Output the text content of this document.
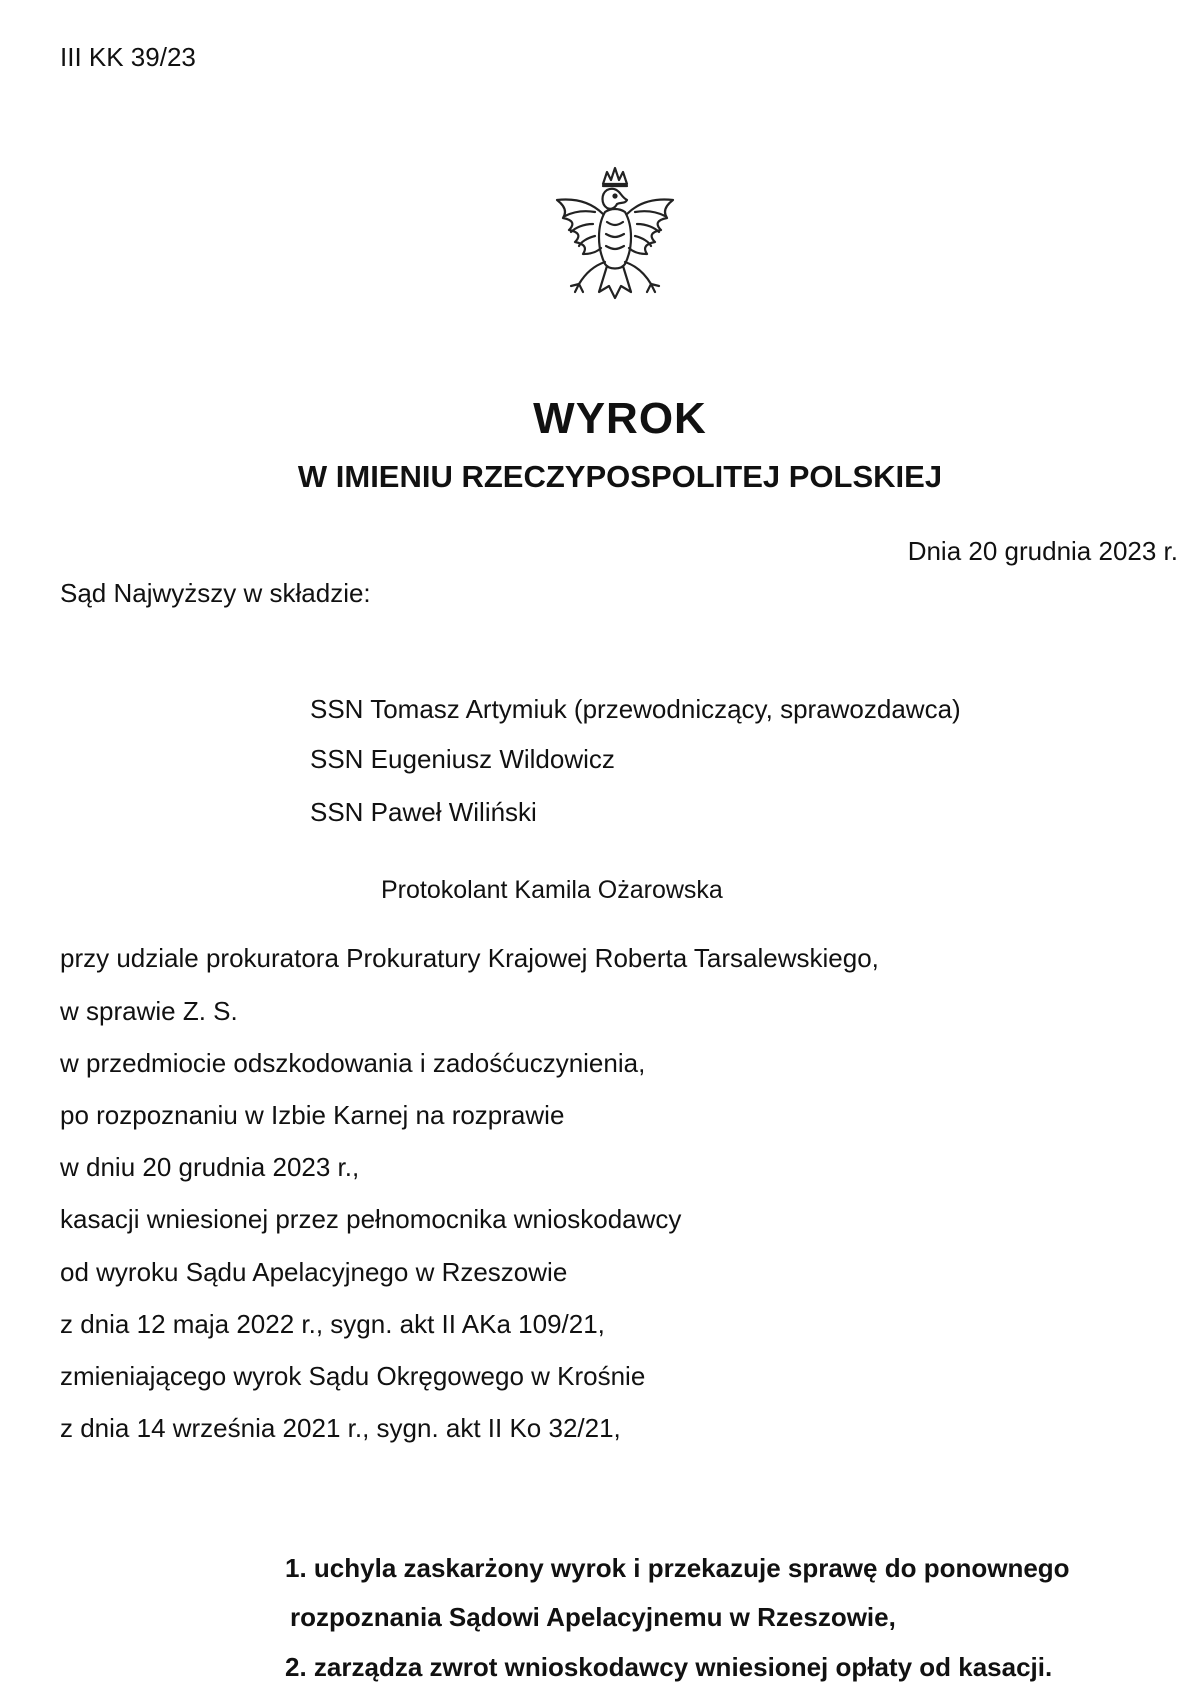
III KK 39/23
WYROK
W IMIENIU RZECZYPOSPOLITEJ POLSKIEJ
Dnia 20 grudnia 2023 r.
Sąd Najwyższy w składzie:
SSN Tomasz Artymiuk (przewodniczący, sprawozdawca)
SSN Eugeniusz Wildowicz
SSN Paweł Wiliński
Protokolant Kamila Ożarowska
przy udziale prokuratora Prokuratury Krajowej Roberta Tarsalewskiego,
w sprawie Z. S.
w przedmiocie odszkodowania i zadośćuczynienia,
po rozpoznaniu w Izbie Karnej na rozprawie
w dniu 20 grudnia 2023 r.,
kasacji wniesionej przez pełnomocnika wnioskodawcy
od wyroku Sądu Apelacyjnego w Rzeszowie
z dnia 12 maja 2022 r., sygn. akt II AKa 109/21,
zmieniającego wyrok Sądu Okręgowego w Krośnie
z dnia 14 września 2021 r., sygn. akt II Ko 32/21,
1. uchyla zaskarżony wyrok i przekazuje sprawę do ponownego
rozpoznania Sądowi Apelacyjnemu w Rzeszowie,
2. zarządza zwrot wnioskodawcy wniesionej opłaty od kasacji.
